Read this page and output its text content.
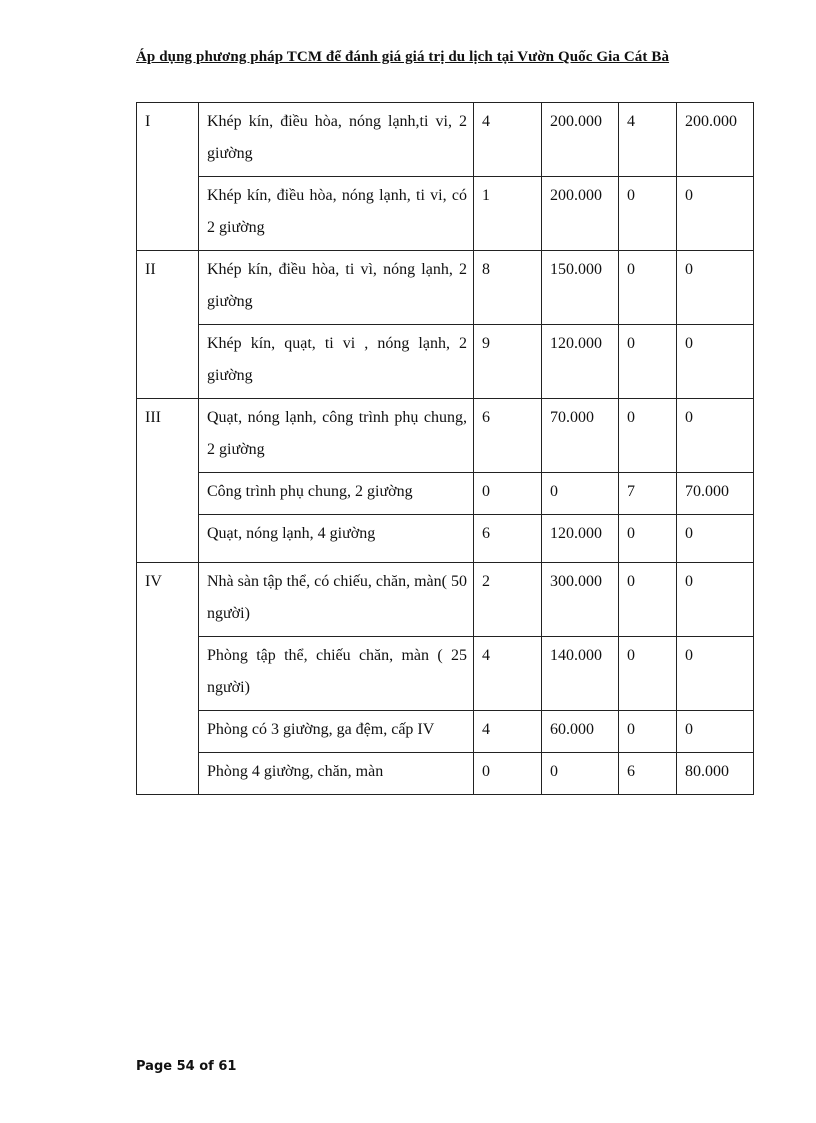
Áp dụng phương pháp TCM để đánh giá giá trị du lịch tại Vườn Quốc Gia Cát Bà
I	Khép kín, điều hòa, nóng lạnh,ti vi, 2 giường	4	200.000	4	200.000
	Khép kín, điều hòa, nóng lạnh, ti vi, có 2 giường	1	200.000	0	0
II	Khép kín, điều hòa, ti vì, nóng lạnh, 2 giường	8	150.000	0	0
	Khép kín, quạt, ti vi , nóng lạnh, 2 giường	9	120.000	0	0
III	Quạt, nóng lạnh, công trình phụ chung, 2 giường	6	70.000	0	0
	Công trình phụ chung, 2 giường	0	0	7	70.000
	Quạt, nóng lạnh, 4 giường	6	120.000	0	0
IV	Nhà sàn tập thể, có chiếu, chăn, màn( 50 người)	2	300.000	0	0
	Phòng tập thể, chiếu chăn, màn ( 25 người)	4	140.000	0	0
	Phòng có 3 giường, ga đệm, cấp IV	4	60.000	0	0
	Phòng 4 giường, chăn, màn	0	0	6	80.000
Page 54 of 61
